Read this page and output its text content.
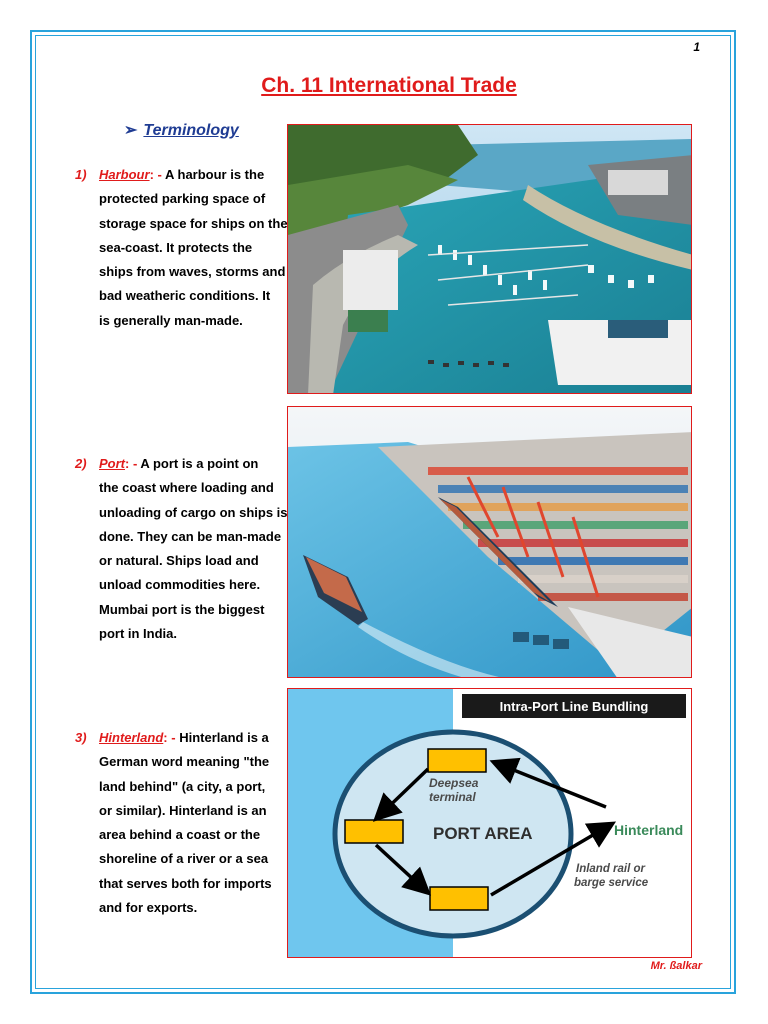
1
Ch. 11 International Trade
➢ Terminology
1) Harbour: - A harbour is the
protected parking space of
storage space for ships on the
sea-coast. It protects the
ships from waves, storms and
bad weatheric conditions. It
is generally man-made.
2) Port: - A port is a point on
the coast where loading and
unloading of cargo on ships is
done. They can be man-made
or natural. Ships load and
unload commodities here.
Mumbai port is the biggest
port in India.
3) Hinterland: - Hinterland is a
German word meaning "the
land behind" (a city, a port,
or similar). Hinterland is an
area behind a coast or the
shoreline of a river or a sea
that serves both for imports
and for exports.
Intra-Port Line Bundling
Deepsea
terminal
PORT AREA	Hinterland
Inland rail or
barge service
Mr. ßalkar
